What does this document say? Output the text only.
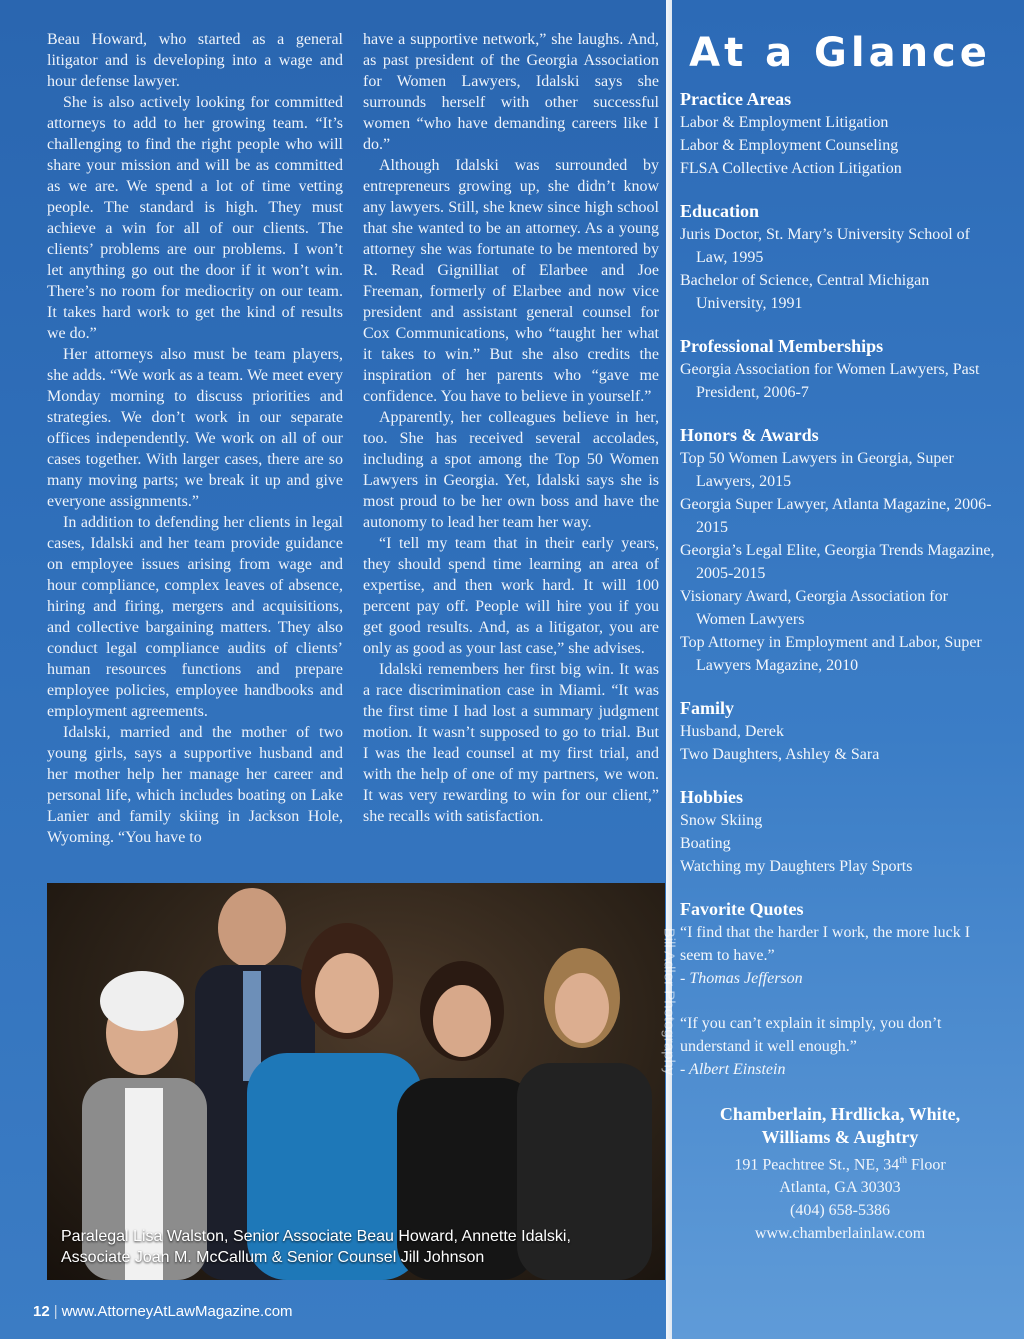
Beau Howard, who started as a general litigator and is developing into a wage and hour defense lawyer.

She is also actively looking for committed attorneys to add to her growing team. “It’s challenging to find the right people who will share your mission and will be as committed as we are. We spend a lot of time vetting people. The standard is high. They must achieve a win for all of our clients. The clients’ problems are our problems. I won’t let anything go out the door if it won’t win. There’s no room for mediocrity on our team. It takes hard work to get the kind of results we do.”

Her attorneys also must be team players, she adds. “We work as a team. We meet every Monday morning to discuss priorities and strategies. We don’t work in our separate offices independently. We work on all of our cases together. With larger cases, there are so many moving parts; we break it up and give everyone assignments.”

In addition to defending her clients in legal cases, Idalski and her team provide guidance on employee issues arising from wage and hour compliance, complex leaves of absence, hiring and firing, mergers and acquisitions, and collective bargaining matters. They also conduct legal compliance audits of clients’ human resources functions and prepare employee policies, employee handbooks and employment agreements.

Idalski, married and the mother of two young girls, says a supportive husband and her mother help her manage her career and personal life, which includes boating on Lake Lanier and family skiing in Jackson Hole, Wyoming. “You have to

have a supportive network,” she laughs. And, as past president of the Georgia Association for Women Lawyers, Idalski says she surrounds herself with other successful women “who have demanding careers like I do.”

Although Idalski was surrounded by entrepreneurs growing up, she didn’t know any lawyers. Still, she knew since high school that she wanted to be an attorney. As a young attorney she was fortunate to be mentored by R. Read Gignilliat of Elarbee and Joe Freeman, formerly of Elarbee and now vice president and assistant general counsel for Cox Communications, who “taught her what it takes to win.” But she also credits the inspiration of her parents who “gave me confidence. You have to believe in yourself.”

Apparently, her colleagues believe in her, too. She has received several accolades, including a spot among the Top 50 Women Lawyers in Georgia. Yet, Idalski says she is most proud to be her own boss and have the autonomy to lead her team her way.

“I tell my team that in their early years, they should spend time learning an area of expertise, and then work hard. It will 100 percent pay off. People will hire you if you get good results. And, as a litigator, you are only as good as your last case,” she advises.

Idalski remembers her first big win. It was a race discrimination case in Miami. “It was the first time I had lost a summary judgment motion. It wasn’t supposed to go to trial. But I was the lead counsel at my first trial, and with the help of one of my partners, we won. It was very rewarding to win for our client,” she recalls with satisfaction.

Bill Adler Photography
Paralegal Lisa Walston, Senior Associate Beau Howard, Annette Idalski,
Associate Joan M. McCallum & Senior Counsel Jill Johnson
At a Glance
Practice Areas
Labor & Employment Litigation
Labor & Employment Counseling
FLSA Collective Action Litigation
Education
Juris Doctor, St. Mary’s University School of Law, 1995
Bachelor of Science, Central Michigan University, 1991
Professional Memberships
Georgia Association for Women Lawyers, Past President, 2006-7
Honors & Awards
Top 50 Women Lawyers in Georgia, Super Lawyers, 2015
Georgia Super Lawyer, Atlanta Magazine, 2006-2015
Georgia’s Legal Elite, Georgia Trends Magazine, 2005-2015
Visionary Award, Georgia Association for Women Lawyers
Top Attorney in Employment and Labor, Super Lawyers Magazine, 2010
Family
Husband, Derek
Two Daughters, Ashley & Sara
Hobbies
Snow Skiing
Boating
Watching my Daughters Play Sports
Favorite Quotes
“I find that the harder I work, the more luck I seem to have.”
- Thomas Jefferson
“If you can’t explain it simply, you don’t understand it well enough.”
- Albert Einstein
Chamberlain, Hrdlicka, White,
Williams & Aughtry
191 Peachtree St., NE, 34th Floor
Atlanta, GA 30303
(404) 658-5386
www.chamberlainlaw.com
12 | www.AttorneyAtLawMagazine.com
